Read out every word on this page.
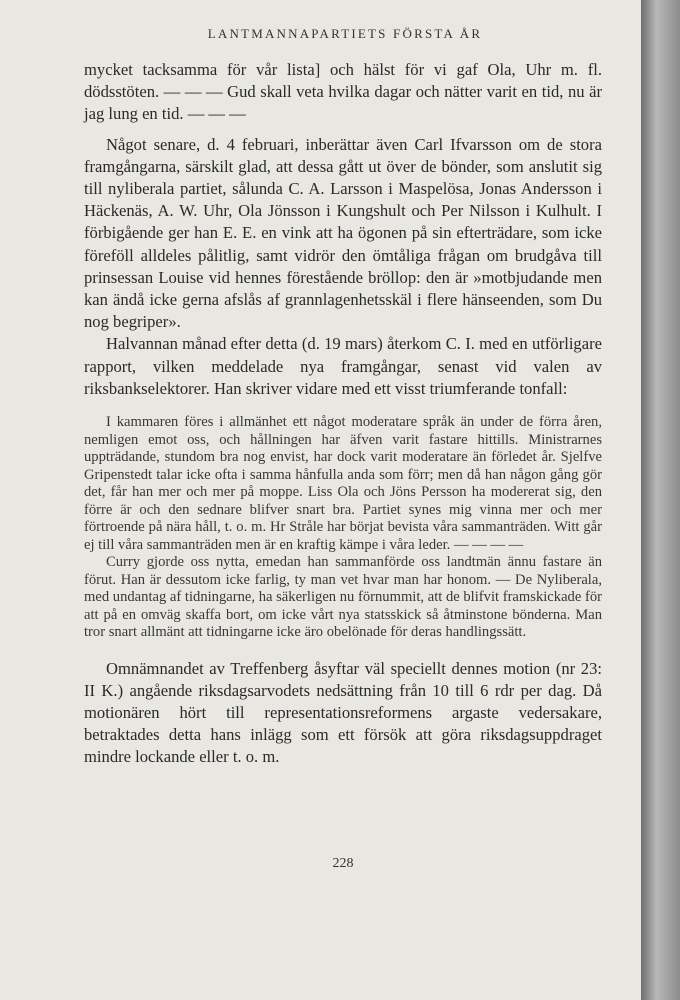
LANTMANNAPARTIETS FÖRSTA ÅR

mycket tacksamma för vår lista] och hälst för vi gaf Ola, Uhr m. fl. dödsstöten. — — — Gud skall veta hvilka dagar och nätter varit en tid, nu är jag lung en tid. — — —

Något senare, d. 4 februari, inberättar även Carl Ifvarsson om de stora framgångarna, särskilt glad, att dessa gått ut över de bönder, som anslutit sig till nyliberala partiet, sålunda C. A. Larsson i Maspelösa, Jonas Andersson i Häckenäs, A. W. Uhr, Ola Jönsson i Kungshult och Per Nilsson i Kulhult. I förbigående ger han E. E. en vink att ha ögonen på sin efterträdare, som icke föreföll alldeles pålitlig, samt vidrör den ömtåliga frågan om brudgåva till prinsessan Louise vid hennes förestående bröllop: den är »motbjudande men kan ändå icke gerna afslås af grannlagenhetsskäl i flere hänseenden, som Du nog begriper».

Halvannan månad efter detta (d. 19 mars) återkom C. I. med en utförligare rapport, vilken meddelade nya framgångar, senast vid valen av riksbankselektorer. Han skriver vidare med ett visst triumferande tonfall:

I kammaren föres i allmänhet ett något moderatare språk än under de förra åren, nemligen emot oss, och hållningen har äfven varit fastare hittills. Ministrarnes uppträdande, stundom bra nog envist, har dock varit moderatare än förledet år. Sjelfve Gripenstedt talar icke ofta i samma hånfulla anda som förr; men då han någon gång gör det, får han mer och mer på moppe. Liss Ola och Jöns Persson ha modererat sig, den förre är och den sednare blifver snart bra. Partiet synes mig vinna mer och mer förtroende på nära håll, t. o. m. Hr Stråle har börjat bevista våra sammanträden. Witt går ej till våra sammanträden men är en kraftig kämpe i våra leder. — — — —

Curry gjorde oss nytta, emedan han sammanförde oss landtmän ännu fastare än förut. Han är dessutom icke farlig, ty man vet hvar man har honom. — De Nyliberala, med undantag af tidningarne, ha säkerligen nu förnummit, att de blifvit framskickade för att på en omväg skaffa bort, om icke vårt nya statsskick så åtminstone bönderna. Man tror snart allmänt att tidningarne icke äro obelönade för deras handlingssätt.

Omnämnandet av Treffenberg åsyftar väl speciellt dennes motion (nr 23: II K.) angående riksdagsarvodets nedsättning från 10 till 6 rdr per dag. Då motionären hört till representationsreformens argaste vedersakare, betraktades detta hans inlägg som ett försök att göra riksdagsuppdraget mindre lockande eller t. o. m.

228
